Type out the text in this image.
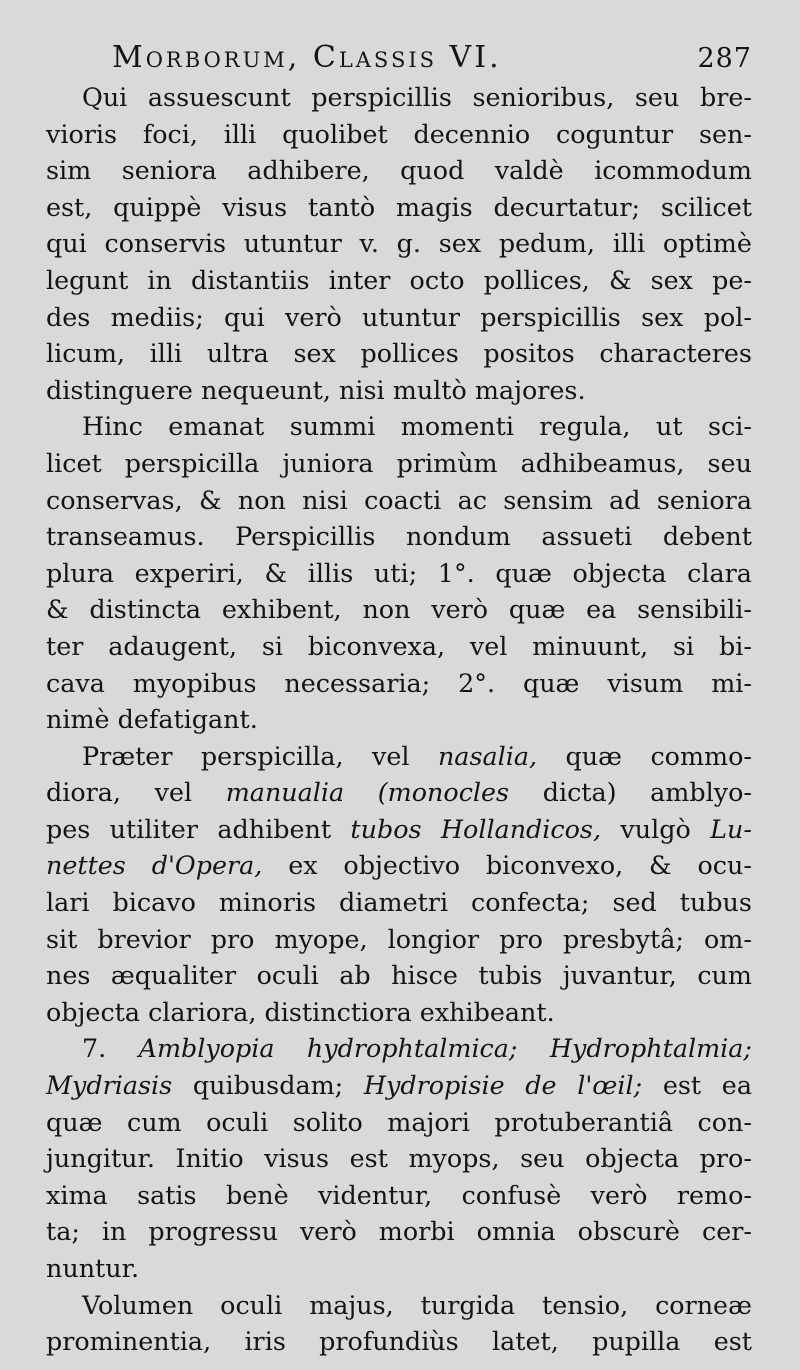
Morborum, Classis VI.	287
Qui assuescunt perspicillis senioribus, seu bre-
vioris foci, illi quolibet decennio coguntur sen-
sim seniora adhibere, quod valdè icommodum
est, quippè visus tantò magis decurtatur; scilicet
qui conservis utuntur v. g. sex pedum, illi optimè
legunt in distantiis inter octo pollices, & sex pe-
des mediis; qui verò utuntur perspicillis sex pol-
licum, illi ultra sex pollices positos characteres
distinguere
nequeunt,
nisi
multò
majores.
Hinc emanat summi momenti regula, ut sci-
licet perspicilla juniora primùm adhibeamus, seu
conservas, & non nisi coacti ac sensim ad seniora
transeamus. Perspicillis nondum assueti debent
plura experiri, & illis uti; 1°. quæ objecta clara
& distincta exhibent, non verò quæ ea sensibili-
ter adaugent, si biconvexa, vel minuunt, si bi-
cava myopibus necessaria; 2°. quæ visum mi-
nimè
defatigant.
Præter perspicilla, vel nasalia, quæ commo-
diora, vel manualia (monocles dicta) amblyo-
pes utiliter adhibent tubos Hollandicos, vulgò Lu-
nettes d'Opera, ex objectivo biconvexo, & ocu-
lari bicavo minoris diametri confecta; sed tubus
sit brevior pro myope, longior pro presbytâ; om-
nes æqualiter oculi ab hisce tubis juvantur, cum
objecta
clariora,
distinctiora
exhibeant.
7. Amblyopia hydrophtalmica; Hydrophtalmia;
Mydriasis quibusdam; Hydropisie de l'œil; est ea
quæ cum oculi solito majori protuberantiâ con-
jungitur. Initio visus est myops, seu objecta pro-
xima satis benè videntur, confusè verò remo-
ta; in progressu verò morbi omnia obscurè cer-
nuntur.
Volumen oculi majus, turgida tensio, corneæ
prominentia, iris profundiùs latet, pupilla est
